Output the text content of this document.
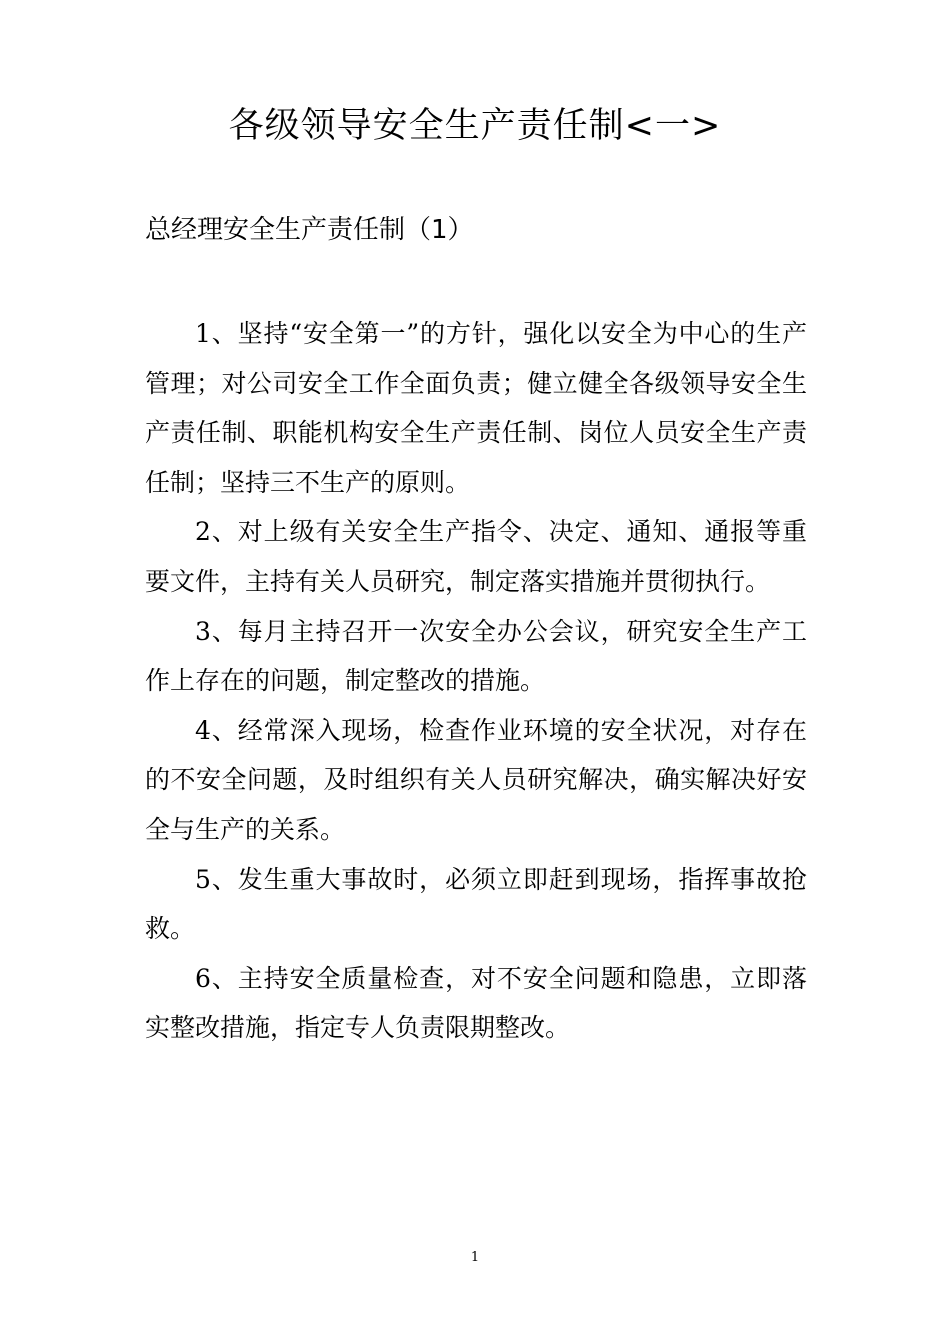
各级领导安全生产责任制<一>
总经理安全生产责任制（1）

1、坚持“安全第一”的方针，强化以安全为中心的生产管理；对公司安全工作全面负责；健立健全各级领导安全生产责任制、职能机构安全生产责任制、岗位人员安全生产责任制；坚持三不生产的原则。

2、对上级有关安全生产指令、决定、通知、通报等重要文件，主持有关人员研究，制定落实措施并贯彻执行。

3、每月主持召开一次安全办公会议，研究安全生产工作上存在的问题，制定整改的措施。

4、经常深入现场，检查作业环境的安全状况，对存在的不安全问题，及时组织有关人员研究解决，确实解决好安全与生产的关系。

5、发生重大事故时，必须立即赶到现场，指挥事故抢救。

6、主持安全质量检查，对不安全问题和隐患，立即落实整改措施，指定专人负责限期整改。

1
